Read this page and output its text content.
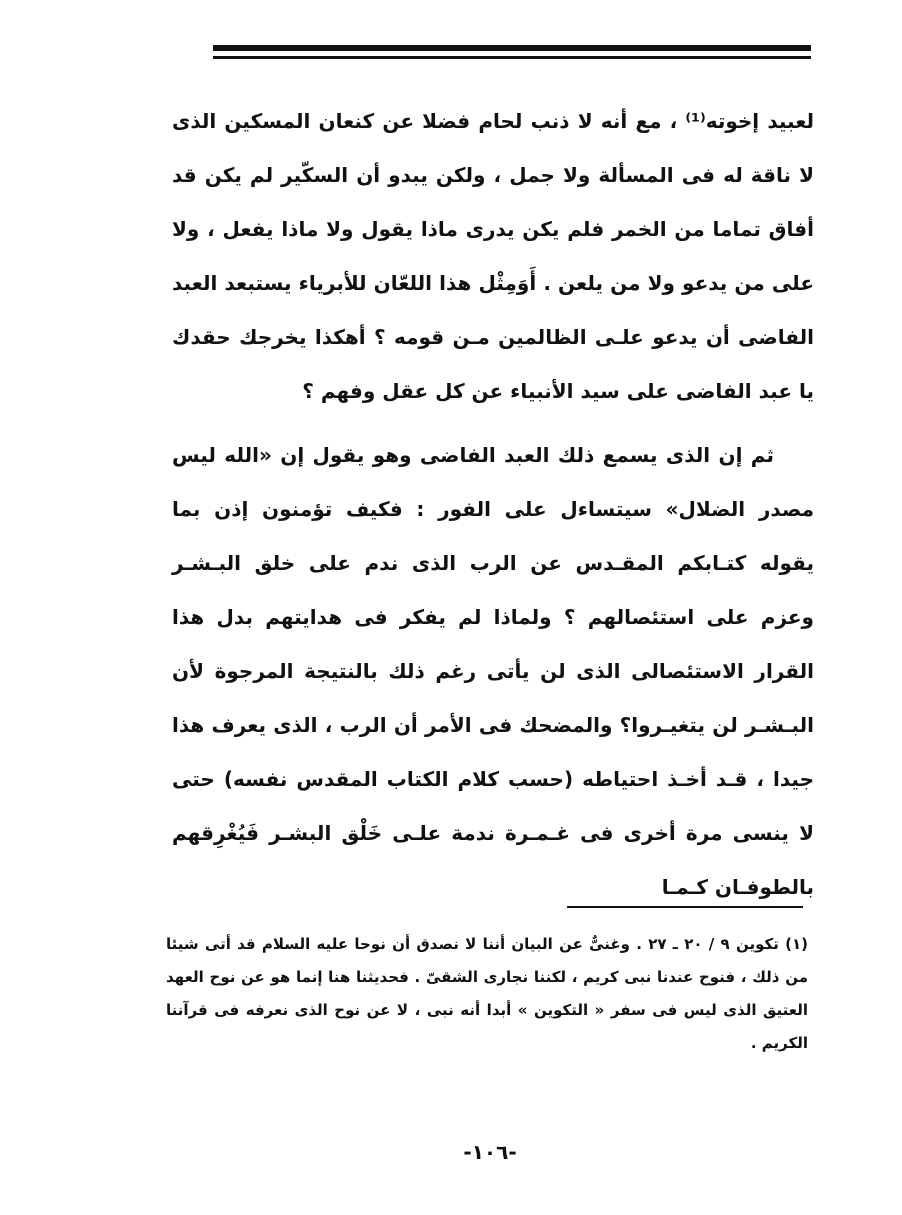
لعبيد إخوته⁽¹⁾ ، مع أنه لا ذنب لحام فضلا عن كنعان المسكين الذى لا ناقة له فى المسألة ولا جمل ، ولكن يبدو أن السكّير لم يكن قد أفاق تماما من الخمر فلم يكن يدرى ماذا يقول ولا ماذا يفعل ، ولا على من يدعو ولا من يلعن . أَوَمِثْل هذا اللعّان للأبرياء يستبعد العبد الفاضى أن يدعو علـى الظالمين مـن قومه ؟ أهكذا يخرجك حقدك يا عبد الفاضى على سيد الأنبياء عن كل عقل وفهم ؟

ثم إن الذى يسمع ذلك العبد الفاضى وهو يقول إن «الله ليس مصدر الضلال» سيتساءل على الفور : فكيف تؤمنون إذن بما يقوله كتـابكم المقـدس عن الرب الذى ندم على خلق البـشـر وعزم على استئصالهم ؟ ولماذا لم يفكر فى هدايتهم بدل هذا القرار الاستئصالى الذى لن يأتى رغم ذلك بالنتيجة المرجوة لأن البـشـر لن يتغيـروا؟ والمضحك فى الأمر أن الرب ، الذى يعرف هذا جيدا ، قـد أخـذ احتياطه (حسب كلام الكتاب المقدس نفسه) حتى لا ينسى مرة أخرى فى غـمـرة ندمة علـى خَلْق البشـر فَيُغْرِقهم بالطوفـان كـمـا

(١) تكوين ٩ / ٢٠ ـ ٢٧ . وغنىٌّ عن البيان أننا لا نصدق أن نوحا عليه السلام قد أتى شيئا من ذلك ، فنوح عندنا نبى كريم ، لكننا نجارى الشقىّ . فحديثنا هنا إنما هو عن نوح العهد العتيق الذى ليس فى سفر « التكوين » أبدا أنه نبى ، لا عن نوح الذى نعرفه فى قرآننا الكريم .

-١٠٦-
